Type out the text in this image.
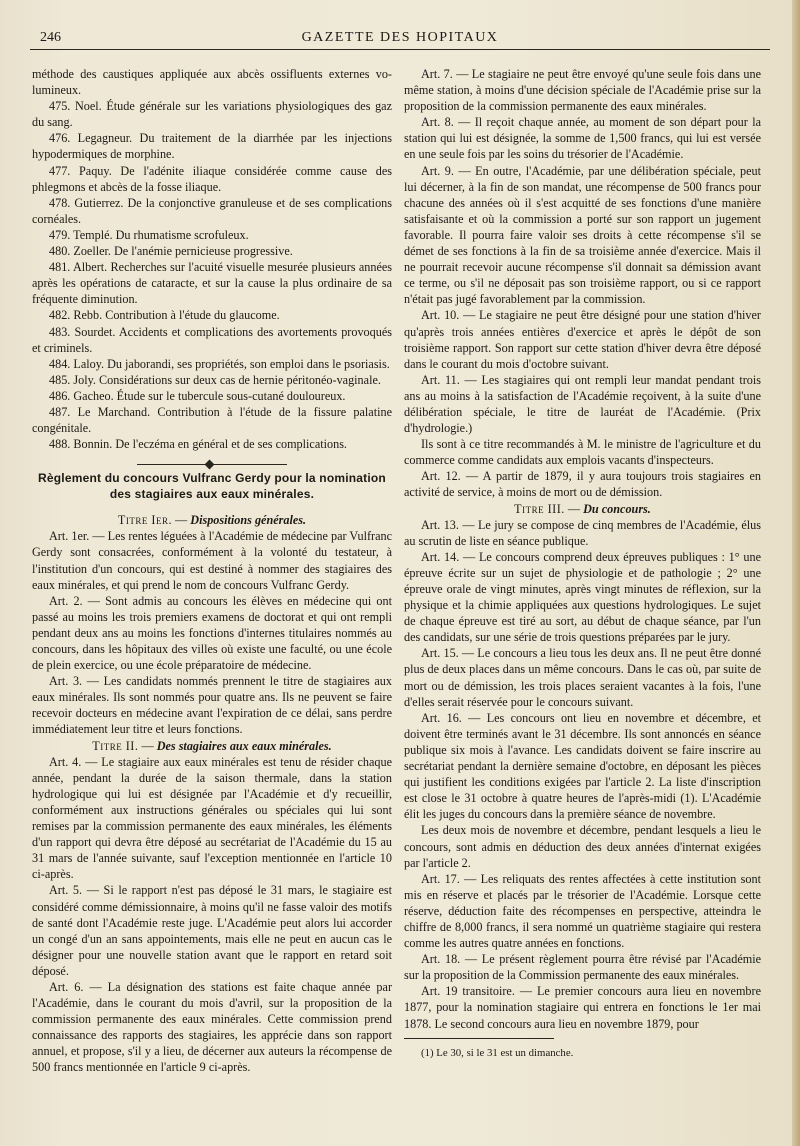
246	GAZETTE DES HOPITAUX

méthode des caustiques appliquée aux abcès ossifluents externes vo-lumineux.

475. Noel. Étude générale sur les variations physiologiques des gaz du sang.

476. Legagneur. Du traitement de la diarrhée par les injections hypodermiques de morphine.

477. Paquy. De l'adénite iliaque considérée comme cause des phlegmons et abcès de la fosse iliaque.

478. Gutierrez. De la conjonctive granuleuse et de ses complications cornéales.

479. Templé. Du rhumatisme scrofuleux.

480. Zoeller. De l'anémie pernicieuse progressive.

481. Albert. Recherches sur l'acuité visuelle mesurée plusieurs années après les opérations de cataracte, et sur la cause la plus ordinaire de sa fréquente diminution.

482. Rebb. Contribution à l'étude du glaucome.

483. Sourdet. Accidents et complications des avortements provoqués et criminels.

484. Laloy. Du jaborandi, ses propriétés, son emploi dans le psoriasis.

485. Joly. Considérations sur deux cas de hernie péritonéo-vaginale.

486. Gacheo. Étude sur le tubercule sous-cutané douloureux.

487. Le Marchand. Contribution à l'étude de la fissure palatine congénitale.

488. Bonnin. De l'eczéma en général et de ses complications.

Règlement du concours Vulfranc Gerdy pour la nomination des stagiaires aux eaux minérales.

Titre Ier. — Dispositions générales.

Art. 1er. — Les rentes léguées à l'Académie de médecine par Vulfranc Gerdy sont consacrées, conformément à la volonté du testateur, à l'institution d'un concours, qui est destiné à nommer des stagiaires des eaux minérales, et qui prend le nom de concours Vulfranc Gerdy.

Art. 2. — Sont admis au concours les élèves en médecine qui ont passé au moins les trois premiers examens de doctorat et qui ont rempli pendant deux ans au moins les fonctions d'internes titulaires nommés au concours, dans les hôpitaux des villes où existe une faculté, ou une école de plein exercice, ou une école préparatoire de médecine.

Art. 3. — Les candidats nommés prennent le titre de stagiaires aux eaux minérales. Ils sont nommés pour quatre ans. Ils ne peuvent se faire recevoir docteurs en médecine avant l'expiration de ce délai, sans perdre immédiatement leur titre et leurs fonctions.

Titre II. — Des stagiaires aux eaux minérales.

Art. 4. — Le stagiaire aux eaux minérales est tenu de résider chaque année, pendant la durée de la saison thermale, dans la station hydrologique qui lui est désignée par l'Académie et d'y recueillir, conformément aux instructions générales ou spéciales qui lui sont remises par la commission permanente des eaux minérales, les éléments d'un rapport qui devra être déposé au secrétariat de l'Académie du 15 au 31 mars de l'année suivante, sauf l'exception mentionnée en l'article 10 ci-après.

Art. 5. — Si le rapport n'est pas déposé le 31 mars, le stagiaire est considéré comme démissionnaire, à moins qu'il ne fasse valoir des motifs de santé dont l'Académie reste juge. L'Académie peut alors lui accorder un congé d'un an sans appointements, mais elle ne peut en aucun cas le désigner pour une nouvelle station avant que le rapport en retard soit déposé.

Art. 6. — La désignation des stations est faite chaque année par l'Académie, dans le courant du mois d'avril, sur la proposition de la commission permanente des eaux minérales. Cette commission prend connaissance des rapports des stagiaires, les apprécie dans son rapport annuel, et propose, s'il y a lieu, de décerner aux auteurs la récompense de 500 francs mentionnée en l'article 9 ci-après.

Art. 7. — Le stagiaire ne peut être envoyé qu'une seule fois dans une même station, à moins d'une décision spéciale de l'Académie prise sur la proposition de la commission permanente des eaux minérales.

Art. 8. — Il reçoit chaque année, au moment de son départ pour la station qui lui est désignée, la somme de 1,500 francs, qui lui est versée en une seule fois par les soins du trésorier de l'Académie.

Art. 9. — En outre, l'Académie, par une délibération spéciale, peut lui décerner, à la fin de son mandat, une récompense de 500 francs pour chacune des années où il s'est acquitté de ses fonctions d'une manière satisfaisante et où la commission a porté sur son rapport un jugement favorable. Il pourra faire valoir ses droits à cette récompense s'il se démet de ses fonctions à la fin de sa troisième année d'exercice. Mais il ne pourrait recevoir aucune récompense s'il donnait sa démission avant ce terme, ou s'il ne déposait pas son troisième rapport, ou si ce rapport n'était pas jugé favorablement par la commission.

Art. 10. — Le stagiaire ne peut être désigné pour une station d'hiver qu'après trois années entières d'exercice et après le dépôt de son troisième rapport. Son rapport sur cette station d'hiver devra être déposé dans le courant du mois d'octobre suivant.

Art. 11. — Les stagiaires qui ont rempli leur mandat pendant trois ans au moins à la satisfaction de l'Académie reçoivent, à la suite d'une délibération spéciale, le titre de lauréat de l'Académie. (Prix d'hydrologie.)

Ils sont à ce titre recommandés à M. le ministre de l'agriculture et du commerce comme candidats aux emplois vacants d'inspecteurs.

Art. 12. — A partir de 1879, il y aura toujours trois stagiaires en activité de service, à moins de mort ou de démission.

Titre III. — Du concours.

Art. 13. — Le jury se compose de cinq membres de l'Académie, élus au scrutin de liste en séance publique.

Art. 14. — Le concours comprend deux épreuves publiques : 1° une épreuve écrite sur un sujet de physiologie et de pathologie ; 2° une épreuve orale de vingt minutes, après vingt minutes de réflexion, sur la physique et la chimie appliquées aux questions hydrologiques. Le sujet de chaque épreuve est tiré au sort, au début de chaque séance, par l'un des candidats, sur une série de trois questions préparées par le jury.

Art. 15. — Le concours a lieu tous les deux ans. Il ne peut être donné plus de deux places dans un même concours. Dans le cas où, par suite de mort ou de démission, les trois places seraient vacantes à la fois, l'une d'elles serait réservée pour le concours suivant.

Art. 16. — Les concours ont lieu en novembre et décembre, et doivent être terminés avant le 31 décembre. Ils sont annoncés en séance publique six mois à l'avance. Les candidats doivent se faire inscrire au secrétariat pendant la dernière semaine d'octobre, en déposant les pièces qui justifient les conditions exigées par l'article 2. La liste d'inscription est close le 31 octobre à quatre heures de l'après-midi (1). L'Académie élit les juges du concours dans la première séance de novembre.

Les deux mois de novembre et décembre, pendant lesquels a lieu le concours, sont admis en déduction des deux années d'internat exigées par l'article 2.

Art. 17. — Les reliquats des rentes affectées à cette institution sont mis en réserve et placés par le trésorier de l'Académie. Lorsque cette réserve, déduction faite des récompenses en perspective, atteindra le chiffre de 8,000 francs, il sera nommé un quatrième stagiaire qui restera comme les autres quatre années en fonctions.

Art. 18. — Le présent règlement pourra être révisé par l'Académie sur la proposition de la Commission permanente des eaux minérales.

Art. 19 transitoire. — Le premier concours aura lieu en novembre 1877, pour la nomination stagiaire qui entrera en fonctions le 1er mai 1878. Le second concours aura lieu en novembre 1879, pour

(1) Le 30, si le 31 est un dimanche.
